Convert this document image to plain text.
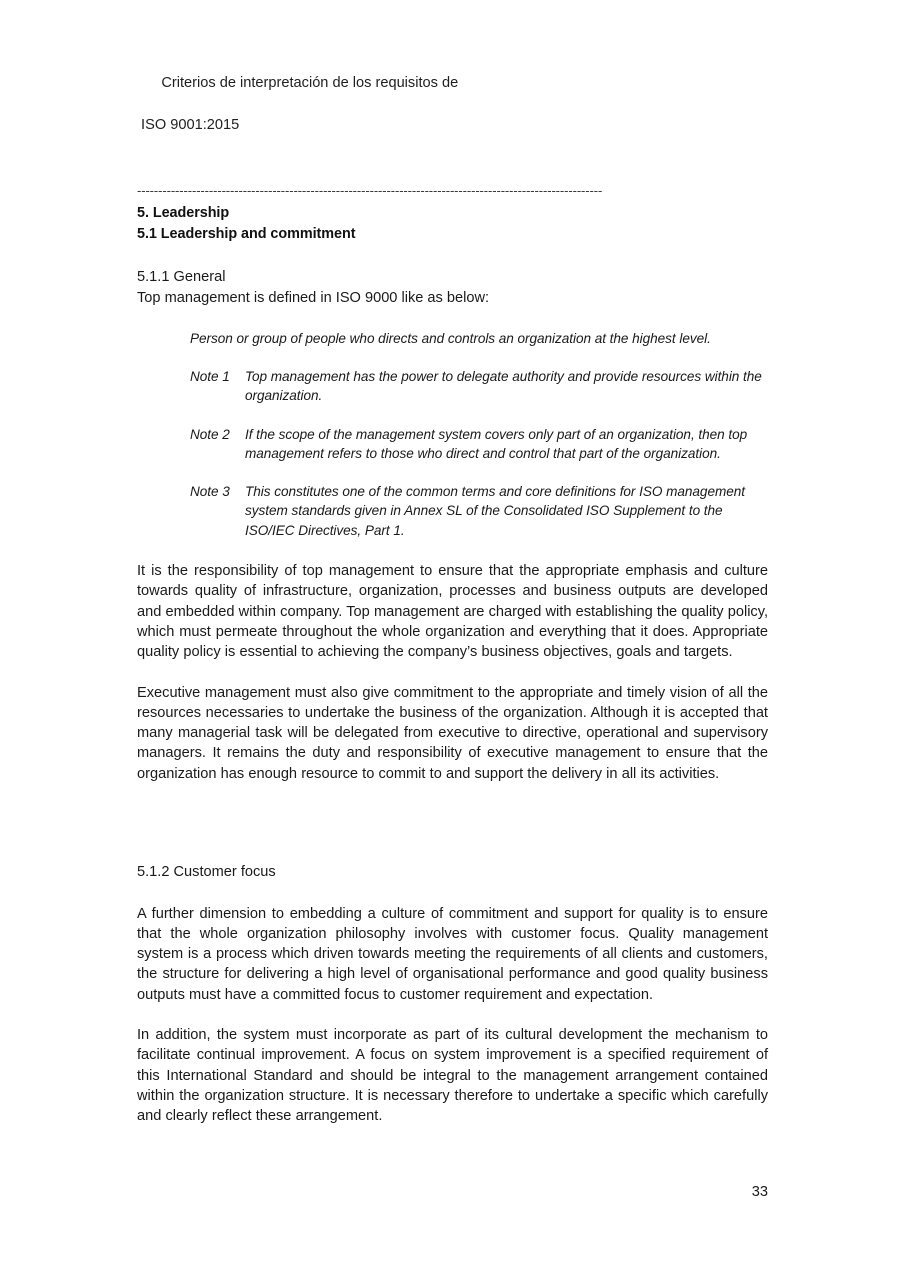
Criterios de interpretación de los requisitos de

ISO 9001:2015

--------------------------------------------------------------------------------------------------------------
5. Leadership
5.1 Leadership and commitment

5.1.1 General

Top management is defined in ISO 9000 like as below:

Person or group of people who directs and controls an organization at the highest level.

Note 1	Top management has the power to delegate authority and provide resources within the organization.
Note 2	If the scope of the management system covers only part of an organization, then top management refers to those who direct and control that part of the organization.
Note 3	This constitutes one of the common terms and core definitions for ISO management system standards given in Annex SL of the Consolidated ISO Supplement to the ISO/IEC Directives, Part 1.

It is the responsibility of top management to ensure that the appropriate emphasis and culture towards quality of infrastructure, organization, processes and business outputs are developed and embedded within company. Top management are charged with establishing the quality policy, which must permeate throughout the whole organization and everything that it does. Appropriate quality policy is essential to achieving the company’s business objectives, goals and targets.

Executive management must also give commitment to the appropriate and timely vision of all the resources necessaries to undertake the business of the organization. Although it is accepted that many managerial task will be delegated from executive to directive, operational and supervisory managers. It remains the duty and responsibility of executive management to ensure that the organization has enough resource to commit to and support the delivery in all its activities.

5.1.2 Customer focus

A further dimension to embedding a culture of commitment and support for quality is to ensure that the whole organization philosophy involves with customer focus. Quality management system is a process which driven towards meeting the requirements of all clients and customers, the structure for delivering a high level of organisational performance and good quality business outputs must have a committed focus to customer requirement and expectation.

In addition, the system must incorporate as part of its cultural development the mechanism to facilitate continual improvement. A focus on system improvement is a specified requirement of this International Standard and should be integral to the management arrangement contained within the organization structure. It is necessary therefore to undertake a specific which carefully and clearly reflect these arrangement.

33
